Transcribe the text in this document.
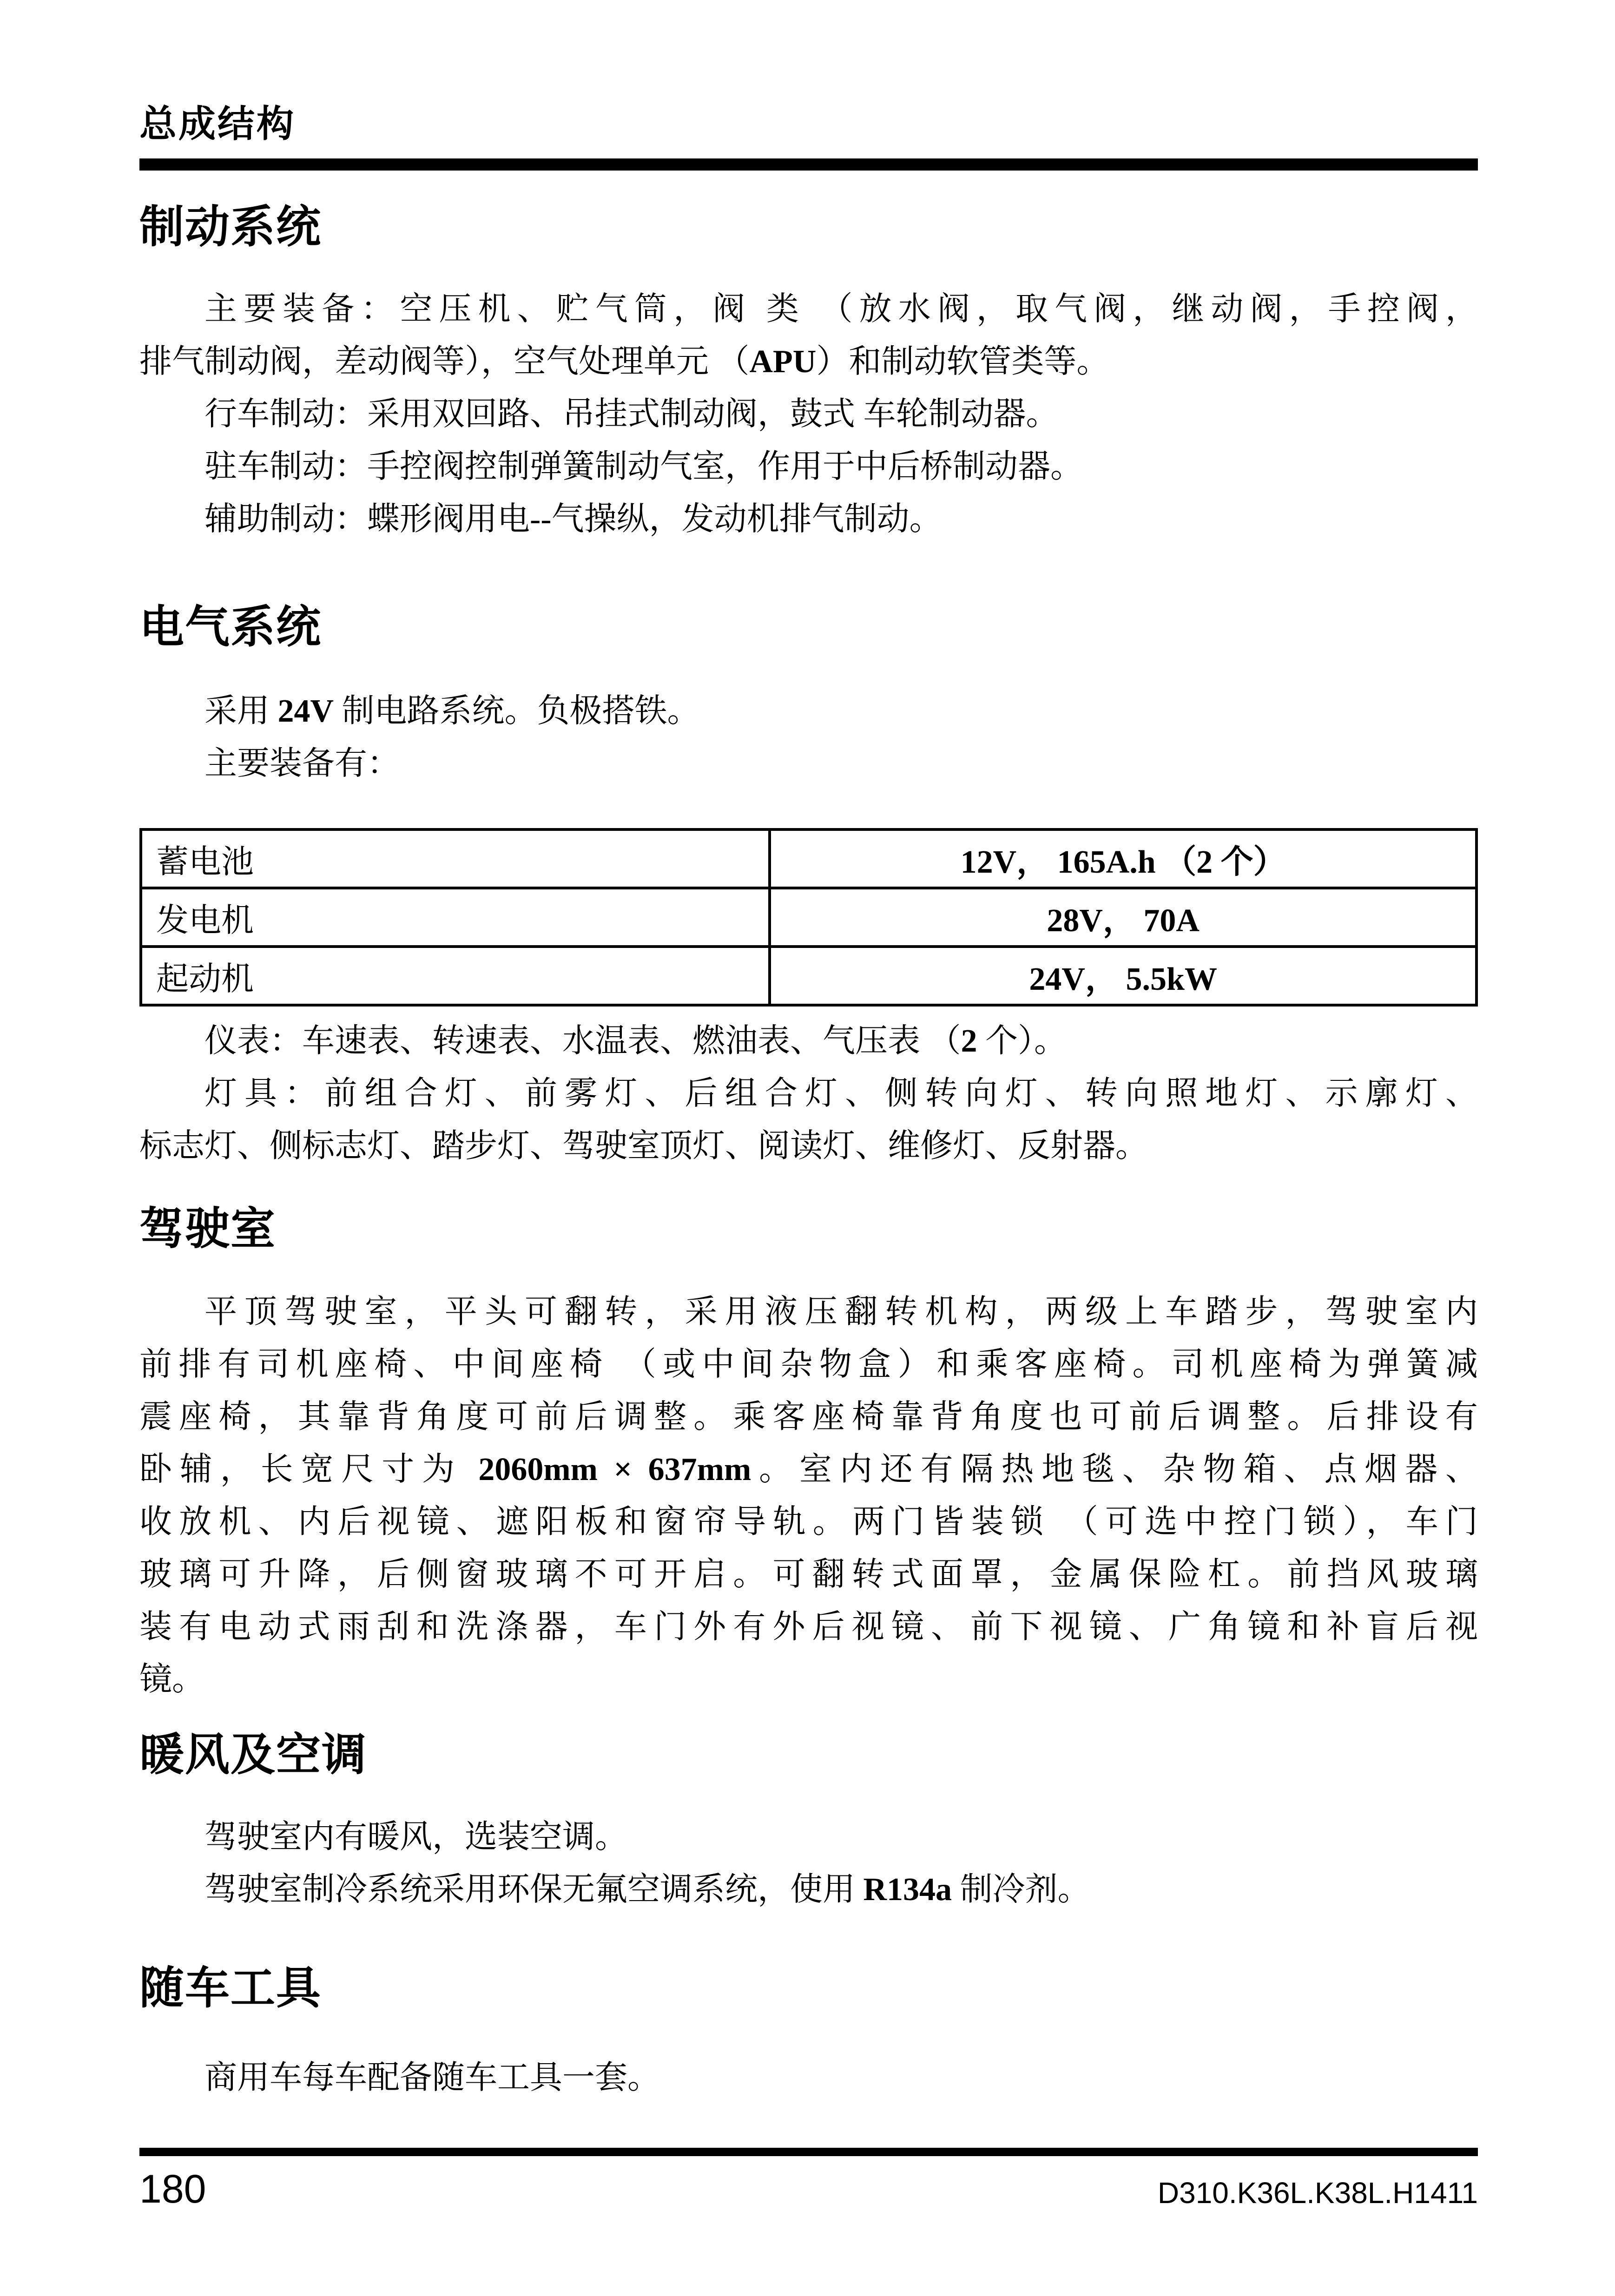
总成结构
制动系统
主要装备：空压机、贮气筒，阀 类 （放水阀，取气阀，继动阀，手控阀，
排气制动阀，差动阀等），空气处理单元 （APU）和制动软管类等。
行车制动：采用双回路、吊挂式制动阀，鼓式 车轮制动器。
驻车制动：手控阀控制弹簧制动气室，作用于中后桥制动器。
辅助制动：蝶形阀用电--气操纵，发动机排气制动。
电气系统
采用 24V 制电路系统。负极搭铁。
主要装备有：
蓄电池	12V， 165A.h （2 个）
发电机	28V， 70A
起动机	24V， 5.5kW
仪表：车速表、转速表、水温表、燃油表、气压表 （2 个）。
灯具：前组合灯、前雾灯、后组合灯、侧转向灯、转向照地灯、示廓灯、
标志灯、侧标志灯、踏步灯、驾驶室顶灯、阅读灯、维修灯、反射器。
驾驶室
平顶驾驶室，平头可翻转，采用液压翻转机构，两级上车踏步，驾驶室内
前排有司机座椅、中间座椅 （或中间杂物盒）和乘客座椅。司机座椅为弹簧减
震座椅，其靠背角度可前后调整。乘客座椅靠背角度也可前后调整。后排设有
卧辅，长宽尺寸为 2060mm × 637mm。室内还有隔热地毯、杂物箱、点烟器、
收放机、内后视镜、遮阳板和窗帘导轨。两门皆装锁 （可选中控门锁），车门
玻璃可升降，后侧窗玻璃不可开启。可翻转式面罩，金属保险杠。前挡风玻璃
装有电动式雨刮和洗涤器，车门外有外后视镜、前下视镜、广角镜和补盲后视
镜。
暖风及空调
驾驶室内有暖风，选装空调。
驾驶室制冷系统采用环保无氟空调系统，使用 R134a 制冷剂。
随车工具
商用车每车配备随车工具一套。
180	D310.K36L.K38L.H1411
